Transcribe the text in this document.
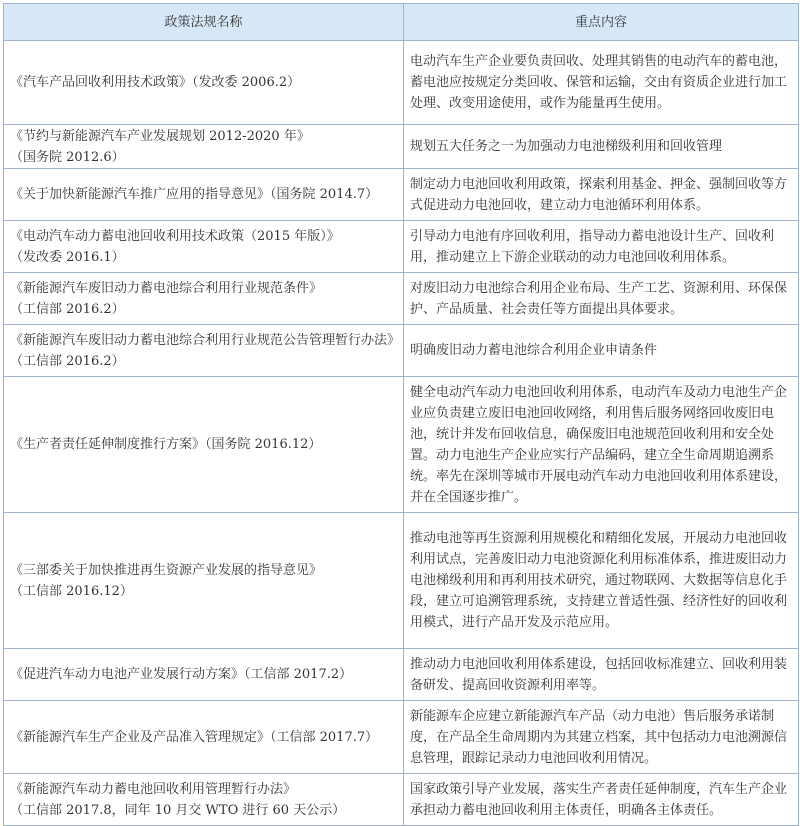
政策法规名称	重点内容
《汽车产品回收利用技术政策》（发改委 2006.2）	电动汽车生产企业要负责回收、处理其销售的电动汽车的蓄电池，蓄电池应按规定分类回收、保管和运输，交由有资质企业进行加工处理、改变用途使用，或作为能量再生使用。
《节约与新能源汽车产业发展规划 2012-2020 年》
（国务院 2012.6）	规划五大任务之一为加强动力电池梯级利用和回收管理
《关于加快新能源汽车推广应用的指导意见》（国务院 2014.7）	制定动力电池回收利用政策，探索利用基金、押金、强制回收等方式促进动力电池回收，建立动力电池循环利用体系。
《电动汽车动力蓄电池回收利用技术政策（2015 年版）》
（发改委 2016.1）	引导动力电池有序回收利用，指导动力蓄电池设计生产、回收利用，推动建立上下游企业联动的动力电池回收利用体系。
《新能源汽车废旧动力蓄电池综合利用行业规范条件》
（工信部 2016.2）	对废旧动力电池综合利用企业布局、生产工艺、资源利用、环保保护、产品质量、社会责任等方面提出具体要求。
《新能源汽车废旧动力蓄电池综合利用行业规范公告管理暂行办法》（工信部 2016.2）	明确废旧动力蓄电池综合利用企业申请条件
《生产者责任延伸制度推行方案》（国务院 2016.12）	健全电动汽车动力电池回收利用体系，电动汽车及动力电池生产企业应负责建立废旧电池回收网络，利用售后服务网络回收废旧电池，统计并发布回收信息，确保废旧电池规范回收利用和安全处置。动力电池生产企业应实行产品编码，建立全生命周期追溯系统。率先在深圳等城市开展电动汽车动力电池回收利用体系建设，并在全国逐步推广。
《三部委关于加快推进再生资源产业发展的指导意见》
（工信部 2016.12）	推动电池等再生资源利用规模化和精细化发展，开展动力电池回收利用试点，完善废旧动力电池资源化利用标准体系，推进废旧动力电池梯级利用和再利用技术研究，通过物联网、大数据等信息化手段，建立可追溯管理系统，支持建立普适性强、经济性好的回收利用模式，进行产品开发及示范应用。
《促进汽车动力电池产业发展行动方案》（工信部 2017.2）	推动动力电池回收利用体系建设，包括回收标准建立、回收利用装备研发、提高回收资源利用率等。
《新能源汽车生产企业及产品准入管理规定》（工信部 2017.7）	新能源车企应建立新能源汽车产品（动力电池）售后服务承诺制度，在产品全生命周期内为其建立档案，其中包括动力电池溯源信息管理，跟踪记录动力电池回收利用情况。
《新能源汽车动力蓄电池回收利用管理暂行办法》
（工信部 2017.8，同年 10 月交 WTO 进行 60 天公示）	国家政策引导产业发展，落实生产者责任延伸制度，汽车生产企业承担动力蓄电池回收利用主体责任，明确各主体责任。
